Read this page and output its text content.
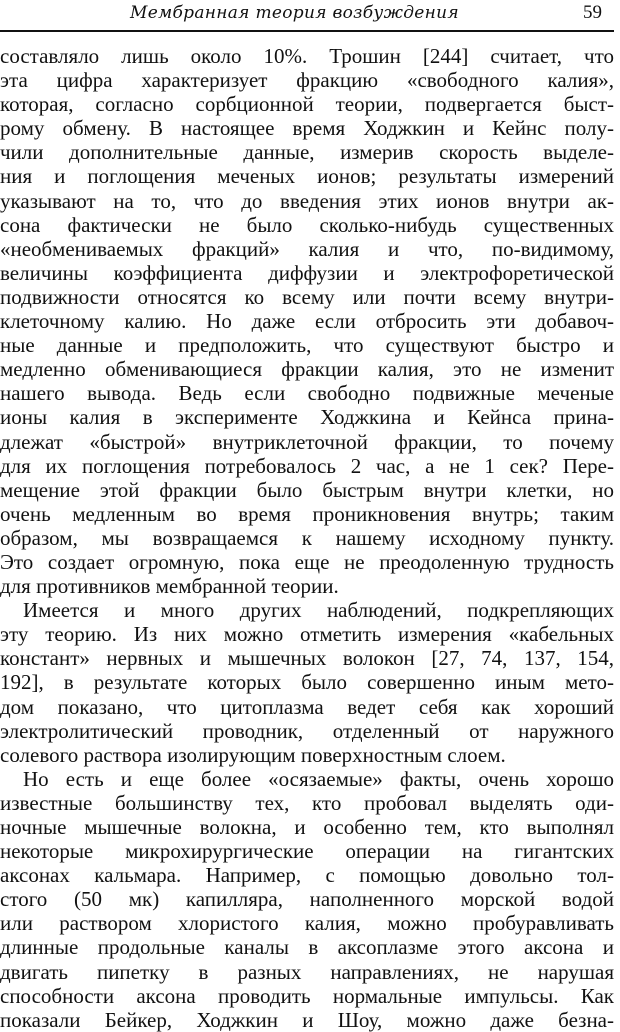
Мембранная теория возбуждения	59
составляло лишь около 10%. Трошин [244] считает, что
эта цифра характеризует фракцию «свободного калия»,
которая, согласно сорбционной теории, подвергается быст-
рому обмену. В настоящее время Ходжкин и Кейнс полу-
чили дополнительные данные, измерив скорость выделе-
ния и поглощения меченых ионов; результаты измерений
указывают на то, что до введения этих ионов внутри ак-
сона фактически не было сколько-нибудь существенных
«необмениваемых фракций» калия и что, по-видимому,
величины коэффициента диффузии и электрофоретической
подвижности относятся ко всему или почти всему внутри-
клеточному калию. Но даже если отбросить эти добавоч-
ные данные и предположить, что существуют быстро и
медленно обменивающиеся фракции калия, это не изменит
нашего вывода. Ведь если свободно подвижные меченые
ионы калия в эксперименте Ходжкина и Кейнса прина-
длежат «быстрой» внутриклеточной фракции, то почему
для их поглощения потребовалось 2 час, а не 1 сек? Пере-
мещение этой фракции было быстрым внутри клетки, но
очень медленным во время проникновения внутрь; таким
образом, мы возвращаемся к нашему исходному пункту.
Это создает огромную, пока еще не преодоленную трудность
для противников мембранной теории.
Имеется и много других наблюдений, подкрепляющих
эту теорию. Из них можно отметить измерения «кабельных
констант» нервных и мышечных волокон [27, 74, 137, 154,
192], в результате которых было совершенно иным мето-
дом показано, что цитоплазма ведет себя как хороший
электролитический проводник, отделенный от наружного
солевого раствора изолирующим поверхностным слоем.
Но есть и еще более «осязаемые» факты, очень хорошо
известные большинству тех, кто пробовал выделять оди-
ночные мышечные волокна, и особенно тем, кто выполнял
некоторые микрохирургические операции на гигантских
аксонах кальмара. Например, с помощью довольно тол-
стого (50 мк) капилляра, наполненного морской водой
или раствором хлористого калия, можно пробуравливать
длинные продольные каналы в аксоплазме этого аксона и
двигать пипетку в разных направлениях, не нарушая
способности аксона проводить нормальные импульсы. Как
показали Бейкер, Ходжкин и Шоу, можно даже безна-
